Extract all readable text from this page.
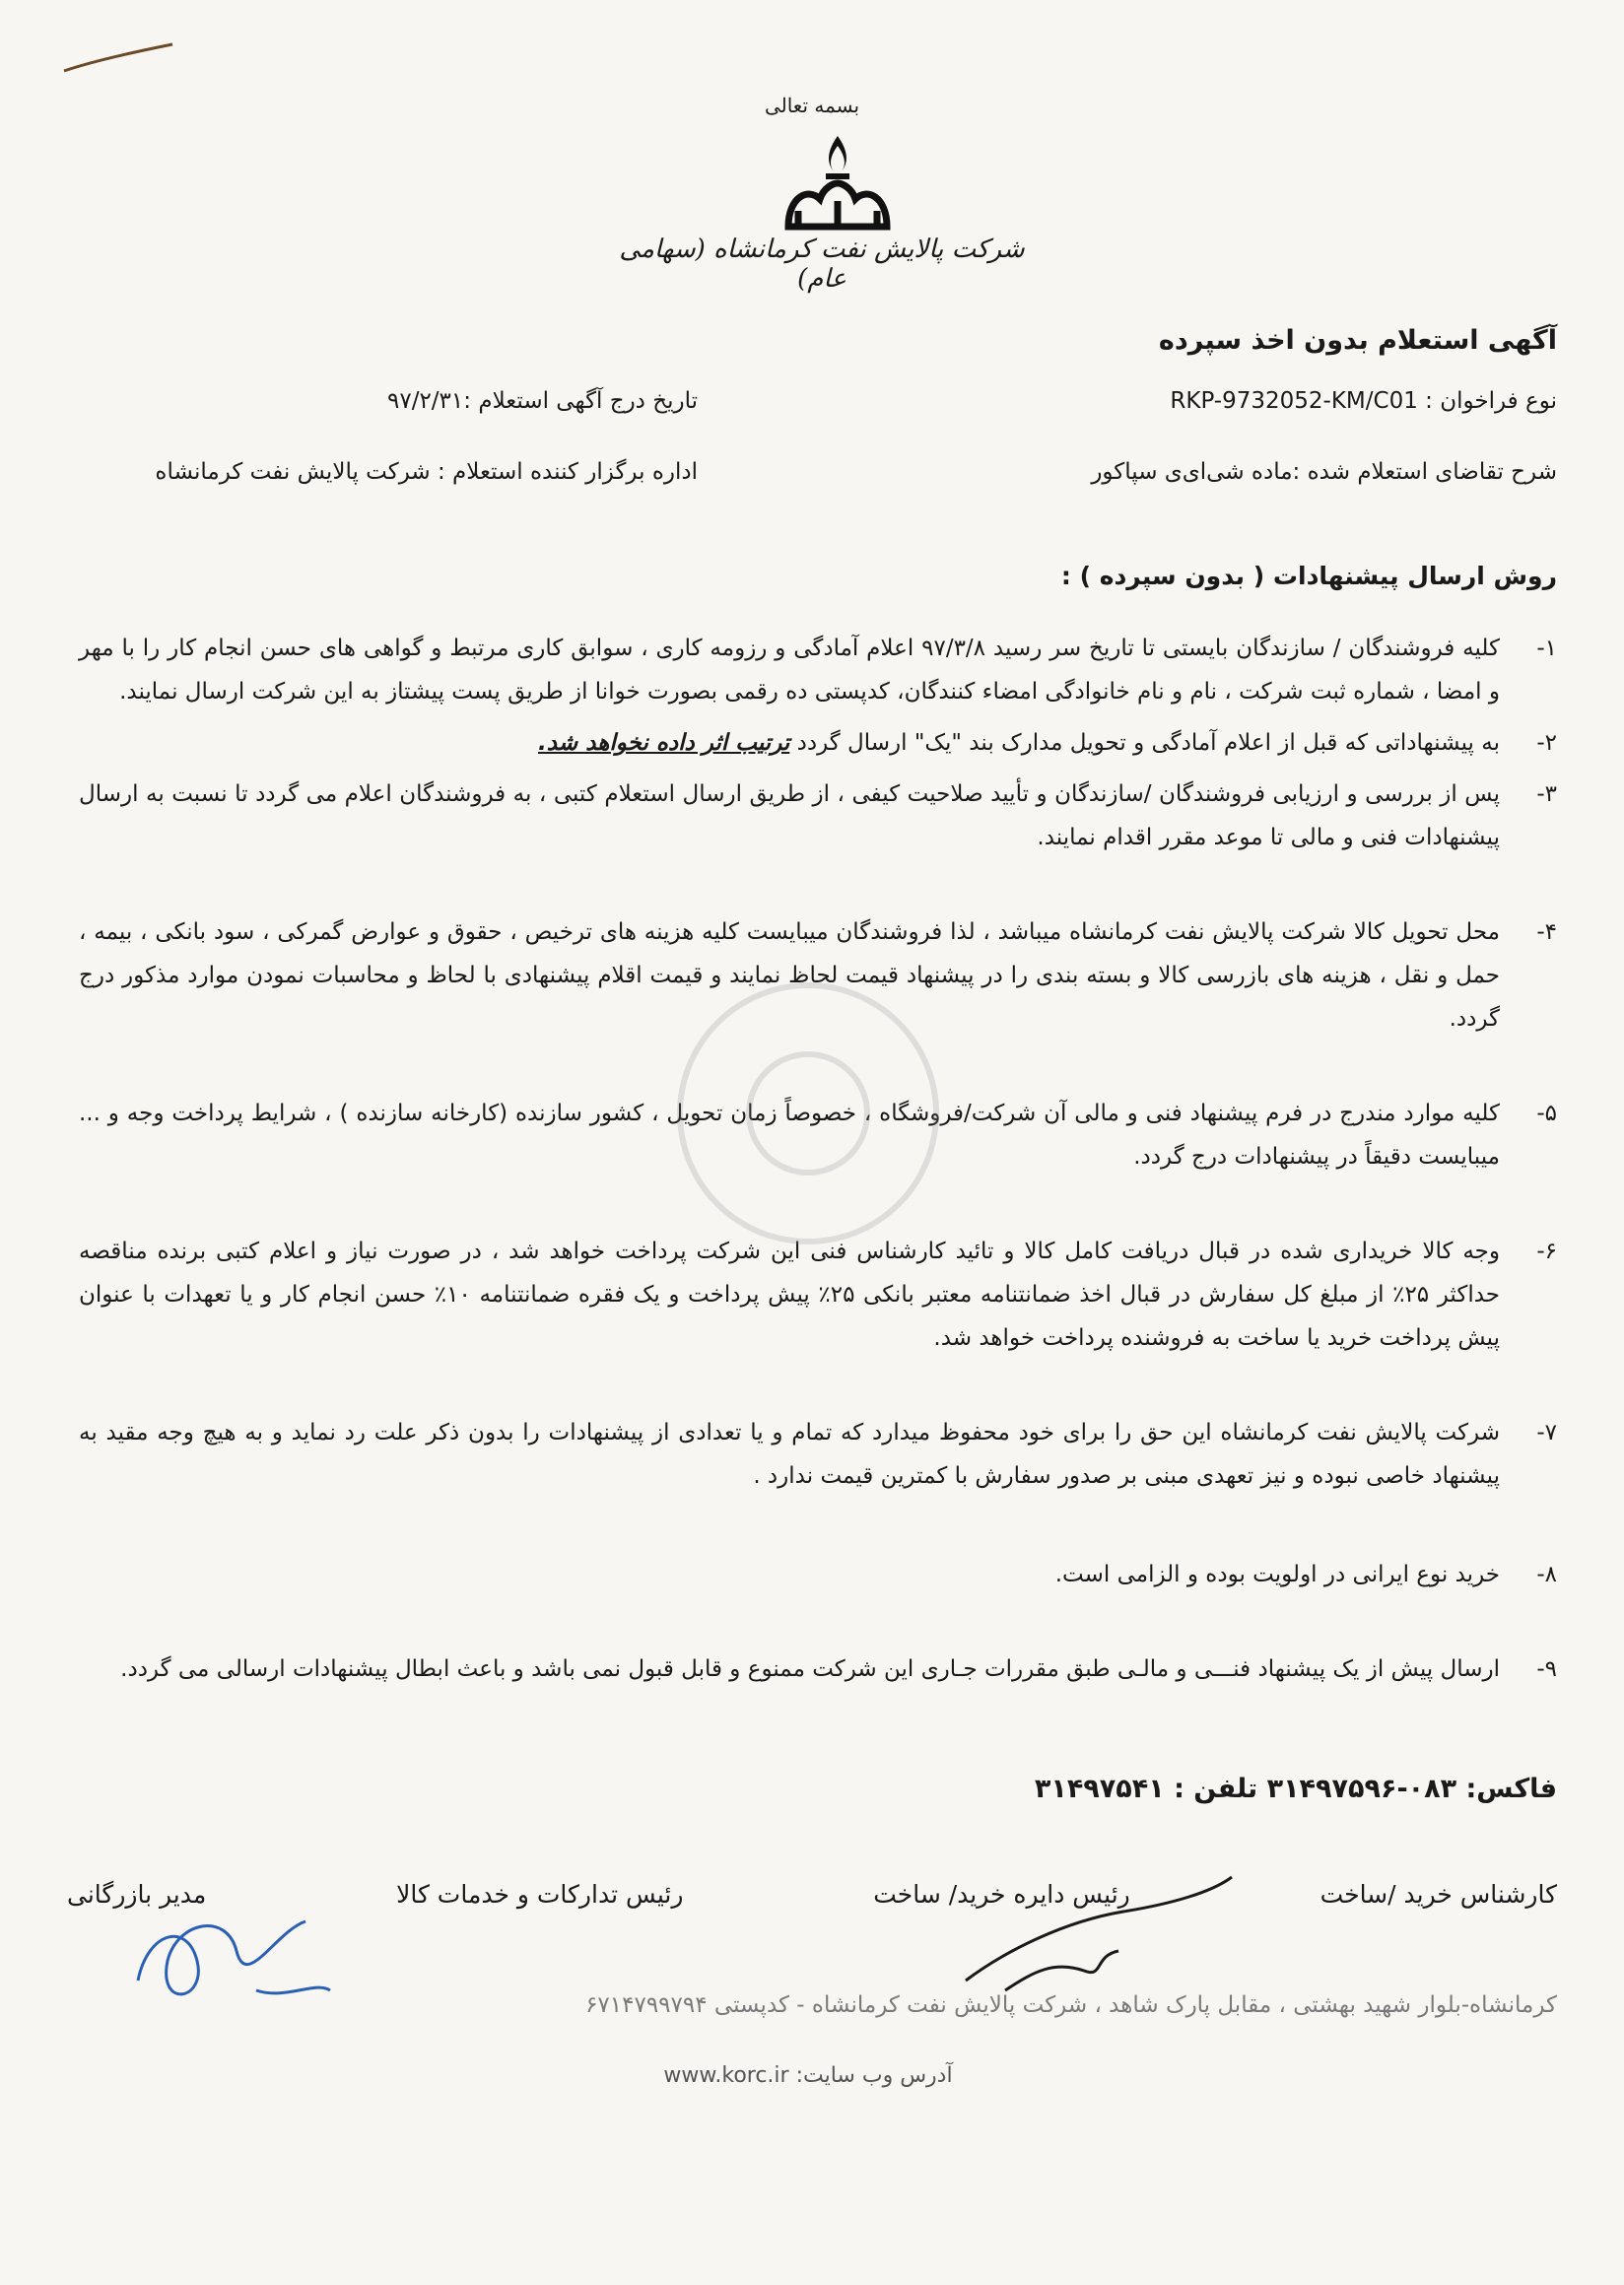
بسمه تعالی
شرکت پالایش نفت کرمانشاه (سهامی عام)
آگهی استعلام بدون اخذ سپرده
نوع فراخوان : RKP-9732052-KM/C01
تاریخ درج آگهی استعلام :۹۷/۲/۳۱
شرح تقاضای استعلام شده :ماده شی‌ای‌ی سپاکور
اداره برگزار کننده استعلام : شرکت پالایش نفت کرمانشاه
روش ارسال پیشنهادات ( بدون سپرده ) :
۱-
کلیه فروشندگان / سازندگان بایستی تا تاریخ سر رسید ۹۷/۳/۸ اعلام آمادگی و رزومه کاری ، سوابق کاری مرتبط و گواهی های حسن انجام کار را با مهر و امضا ، شماره ثبت شرکت ، نام و نام خانوادگی امضاء کنندگان، کدپستی ده رقمی بصورت خوانا از طریق پست پیشتاز به این شرکت ارسال نمایند.
۲-
به پیشنهاداتی که قبل از اعلام آمادگی و تحویل مدارک بند "یک" ارسال گردد ترتیب اثر داده نخواهد شد.
۳-
پس از بررسی و ارزیابی فروشندگان /سازندگان و تأیید صلاحیت کیفی ، از طریق ارسال استعلام کتبی ، به فروشندگان اعلام می گردد تا نسبت به ارسال پیشنهادات فنی و مالی تا موعد مقرر اقدام نمایند.
۴-
محل تحویل کالا شرکت پالایش نفت کرمانشاه میباشد ، لذا فروشندگان میبایست کلیه هزینه های ترخیص ، حقوق و عوارض گمرکی ، سود بانکی ، بیمه ، حمل و نقل ، هزینه های بازرسی کالا و بسته بندی را در پیشنهاد قیمت لحاظ نمایند و قیمت اقلام پیشنهادی با لحاظ و محاسبات نمودن موارد مذکور درج گردد.
۵-
کلیه موارد مندرج در فرم پیشنهاد فنی و مالی آن شرکت/فروشگاه ، خصوصاً زمان تحویل ، کشور سازنده (کارخانه سازنده ) ، شرایط پرداخت وجه و ... میبایست دقیقاً در پیشنهادات درج گردد.
۶-
وجه کالا خریداری شده در قبال دریافت کامل کالا و تائید کارشناس فنی این شرکت پرداخت خواهد شد ، در صورت نیاز و اعلام کتبی برنده مناقصه حداکثر ۲۵٪ از مبلغ کل سفارش در قبال اخذ ضمانتنامه معتبر بانکی ۲۵٪ پیش پرداخت و یک فقره ضمانتنامه ۱۰٪ حسن انجام کار و یا تعهدات با عنوان پیش پرداخت خرید یا ساخت به فروشنده پرداخت خواهد شد.
۷-
شرکت پالایش نفت کرمانشاه این حق را برای خود محفوظ میدارد که تمام و یا تعدادی از پیشنهادات را بدون ذکر علت رد نماید و به هیچ وجه مقید به پیشنهاد خاصی نبوده و نیز تعهدی مبنی بر صدور سفارش با کمترین قیمت ندارد .
۸-
خرید نوع ایرانی در اولویت بوده و الزامی است.
۹-
ارسال پیش از یک پیشنهاد فنـــی و مالـی طبق مقررات جـاری این شرکت ممنوع و قابل قبول نمی باشد و باعث ابطال پیشنهادات ارسالی می گردد.
فاکس: ۰۸۳-۳۱۴۹۷۵۹۶ تلفن : ۳۱۴۹۷۵۴۱
کارشناس خرید /ساخت
رئیس دایره خرید/ ساخت
رئیس تدارکات و خدمات کالا
مدیر بازرگانی
کرمانشاه-بلوار شهید بهشتی ، مقابل پارک شاهد ، شرکت پالایش نفت کرمانشاه - کدپستی ۶۷۱۴۷۹۹۷۹۴
آدرس وب سایت: www.korc.ir
